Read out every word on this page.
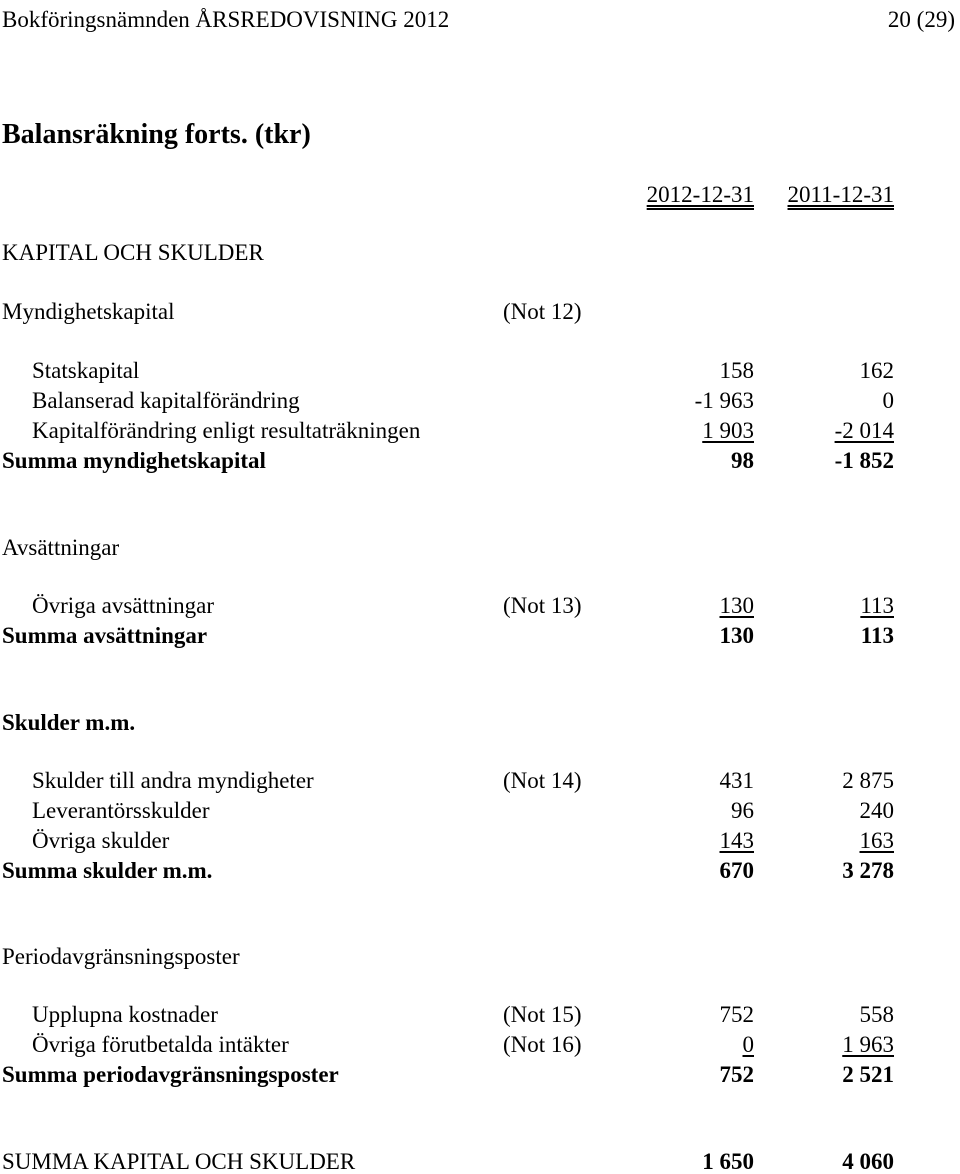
Bokföringsnämnden ÅRSREDOVISNING 2012	20 (29)
Balansräkning forts. (tkr)
2012-12-31 2011-12-31
KAPITAL OCH SKULDER
Myndighetskapital	(Not 12)
Statskapital	158	162
Balanserad kapitalförändring	-1 963	0
Kapitalförändring enligt resultaträkningen	1 903	-2 014
Summa myndighetskapital	98	-1 852
Avsättningar
Övriga avsättningar	(Not 13)	130	113
Summa avsättningar	130	113
Skulder m.m.
Skulder till andra myndigheter	(Not 14)	431	2 875
Leverantörsskulder	96	240
Övriga skulder	143	163
Summa skulder m.m.	670	3 278
Periodavgränsningsposter
Upplupna kostnader	(Not 15)	752	558
Övriga förutbetalda intäkter	(Not 16)	0	1 963
Summa periodavgränsningsposter	752	2 521
SUMMA KAPITAL OCH SKULDER	1 650	4 060
